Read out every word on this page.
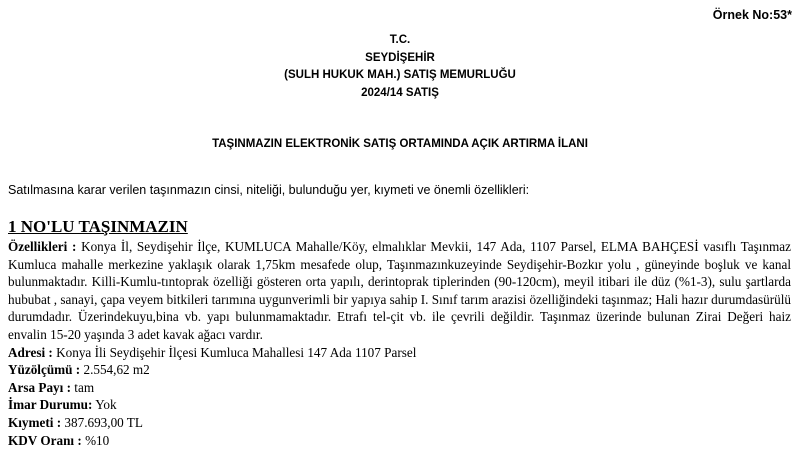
Örnek No:53*
T.C.
SEYDİŞEHİR
(SULH HUKUK MAH.) SATIŞ MEMURLUĞU
2024/14 SATIŞ
TAŞINMAZIN ELEKTRONİK SATIŞ ORTAMINDA AÇIK ARTIRMA İLANI
Satılmasına karar verilen taşınmazın cinsi, niteliği, bulunduğu yer, kıymeti ve önemli özellikleri:
1 NO'LU TAŞINMAZIN

Özellikleri : Konya İl, Seydişehir İlçe, KUMLUCA Mahalle/Köy, elmalıklar Mevkii, 147 Ada, 1107 Parsel, ELMA BAHÇESİ vasıflı Taşınmaz Kumluca mahalle merkezine yaklaşık olarak 1,75km mesafede olup, Taşınmazınkuzeyinde Seydişehir-Bozkır yolu , güneyinde boşluk ve kanal bulunmaktadır. Killi-Kumlu-tıntoprak özelliği gösteren orta yapılı, derintoprak tiplerinden (90-120cm), meyil itibari ile düz (%1-3), sulu şartlarda hububat , sanayi, çapa veyem bitkileri tarımına uygunverimli bir yapıya sahip I. Sınıf tarım arazisi özelliğindeki taşınmaz; Hali hazır durumdasürülü durumdadır. Üzerindekuyu,bina vb. yapı bulunmamaktadır. Etrafı tel-çit vb. ile çevrili değildir. Taşınmaz üzerinde bulunan Zirai Değeri haiz envalin 15-20 yaşında 3 adet kavak ağacı vardır.

Adresi : Konya İli Seydişehir İlçesi Kumluca Mahallesi 147 Ada 1107 Parsel
Yüzölçümü : 2.554,62 m2
Arsa Payı : tam
İmar Durumu: Yok
Kıymeti : 387.693,00 TL
KDV Oranı : %10
